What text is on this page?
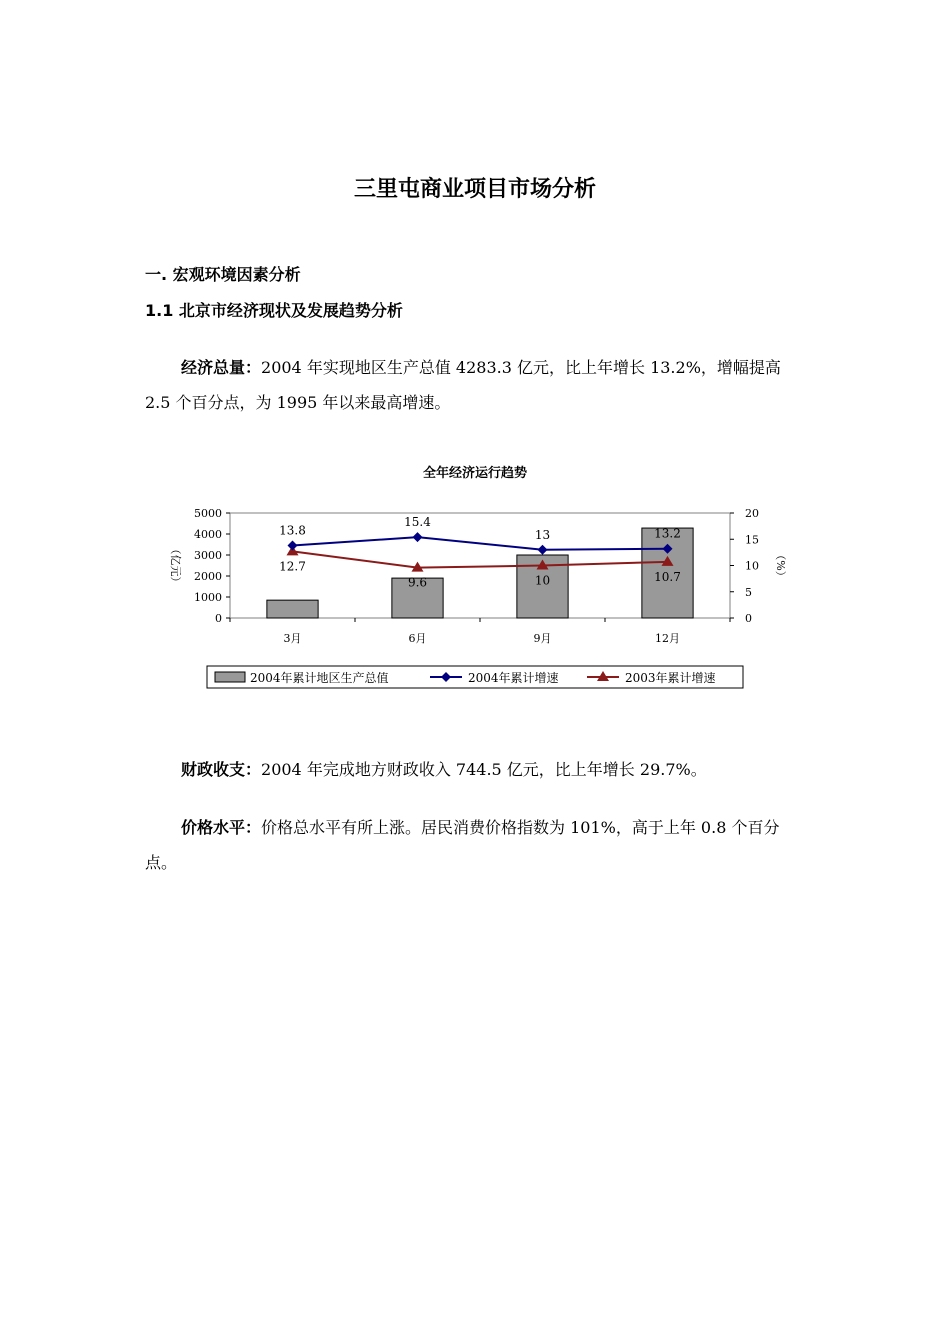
三里屯商业项目市场分析
一. 宏观环境因素分析
1.1 北京市经济现状及发展趋势分析
经济总量：2004 年实现地区生产总值 4283.3 亿元，比上年增长 13.2%，增幅提高 2.5 个百分点，为 1995 年以来最高增速。
全年经济运行趋势
0
1000
2000
3000
4000
5000
0
5
10
15
20
（亿元）	（%）
3月	6月	9月	12月
12.7
9.6	10	10.7
13.8
15.4
13	13.2
2004年累计地区生产总值	2004年累计增速	2003年累计增速
财政收支：2004 年完成地方财政收入 744.5 亿元，比上年增长 29.7%。
价格水平：价格总水平有所上涨。居民消费价格指数为 101%，高于上年 0.8 个百分点。
